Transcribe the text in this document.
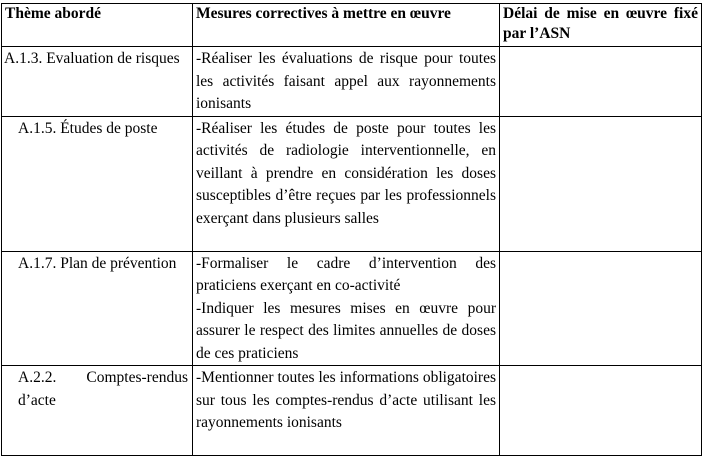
Thème abordé	Mesures correctives à mettre en œuvre	Délai de mise en œuvre fixé par l’ASN
A.1.3. Evaluation de risques	-Réaliser les évaluations de risque pour toutes les activités faisant appel aux rayonnements ionisants	

A.1.5. Études de poste	-Réaliser les études de poste pour toutes les activités de radiologie interventionnelle, en veillant à prendre en considération les doses susceptibles d’être reçues par les professionnels exerçant dans plusieurs salles	

A.1.7. Plan de prévention	-Formaliser le cadre d’intervention des praticiens exerçant en co-activité
-Indiquer les mesures mises en œuvre pour assurer le respect des limites annuelles de doses de ces praticiens	

A.2.2. Comptes-rendus d’acte	-Mentionner toutes les informations obligatoires sur tous les comptes-rendus d’acte utilisant les rayonnements ionisants	
